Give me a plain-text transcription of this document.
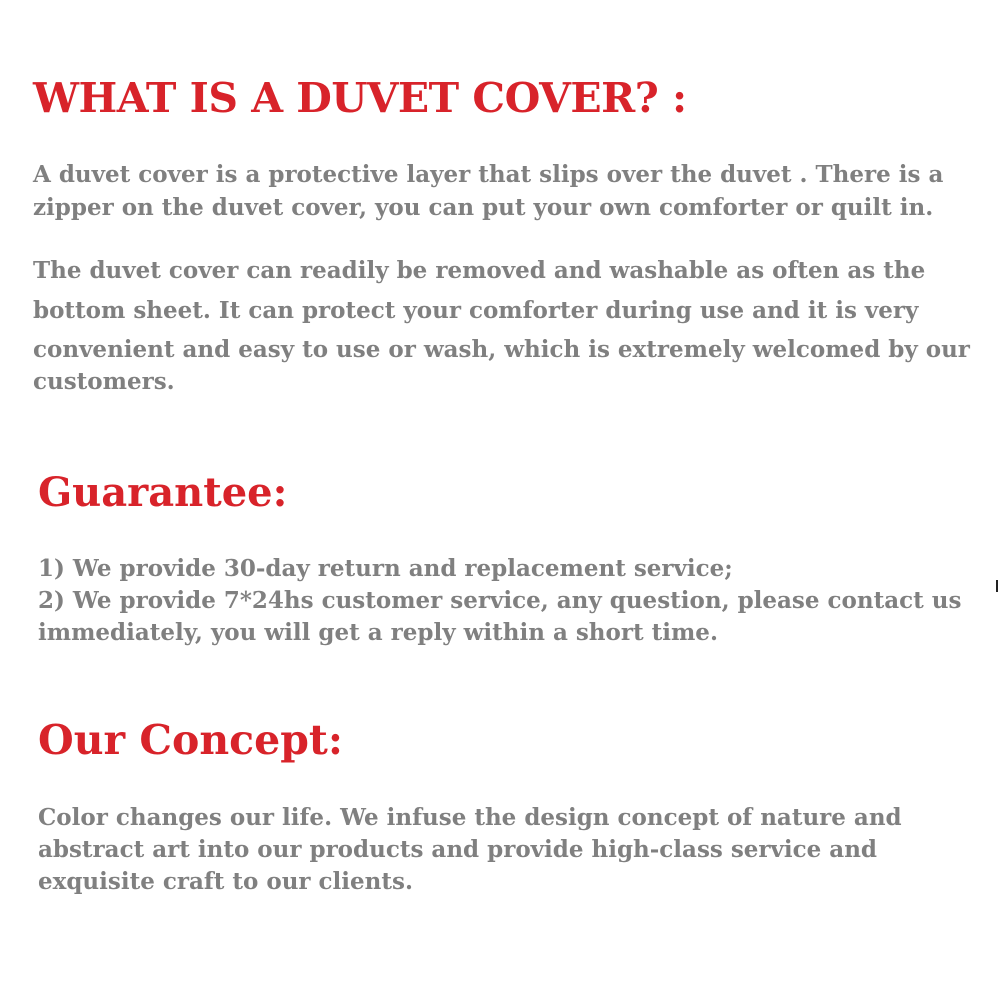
WHAT IS A DUVET COVER? :

A duvet cover is a protective layer that slips over the duvet . There is a

zipper on the duvet cover, you can put your own comforter or quilt in.

The duvet cover can readily be removed and washable as often as the

bottom sheet. It can protect your comforter during use and it is very

convenient and easy to use or wash, which is extremely welcomed by our

customers.

Guarantee:

1) We provide 30-day return and replacement service;

2) We provide 7*24hs customer service, any question, please contact us

immediately, you will get a reply within a short time.

Our Concept:

Color changes our life. We infuse the design concept of nature and

abstract art into our products and provide high-class service and

exquisite craft to our clients.
